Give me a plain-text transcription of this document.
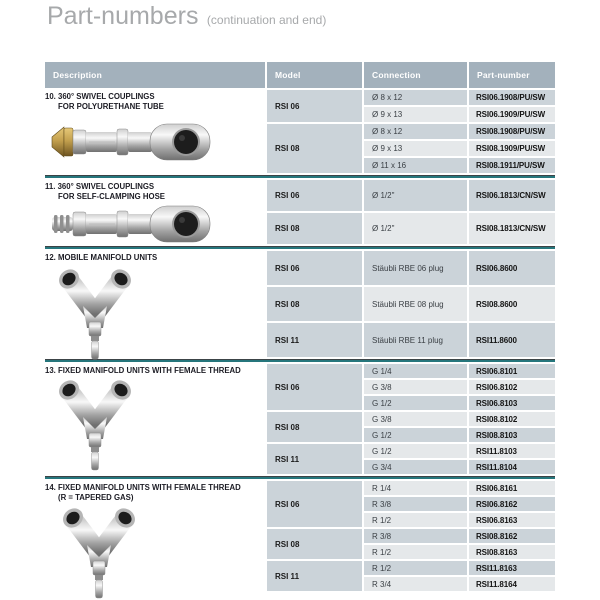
Part-numbers (continuation and end)
Description	Model	Connection	Part-number
10. 360° SWIVEL COUPLINGS
FOR POLYURETHANE TUBE	RSI 06
Ø 8 x 12	RSI06.1908/PU/SW
Ø 9 x 13	RSI06.1909/PU/SW
RSI 08
Ø 8 x 12	RSI08.1908/PU/SW
Ø 9 x 13	RSI08.1909/PU/SW
Ø 11 x 16	RSI08.1911/PU/SW
11. 360° SWIVEL COUPLINGS
FOR SELF-CLAMPING HOSE	RSI 06	Ø 1/2"	RSI06.1813/CN/SW
RSI 08	Ø 1/2"	RSI08.1813/CN/SW
12. MOBILE MANIFOLD UNITS
RSI 06	Stäubli RBE 06 plug	RSI06.8600
RSI 08	Stäubli RBE 08 plug	RSI08.8600
RSI 11	Stäubli RBE 11 plug	RSI11.8600
13. FIXED MANIFOLD UNITS WITH FEMALE THREAD
RSI 06
G 1/4	RSI06.8101
G 3/8	RSI06.8102
G 1/2	RSI06.8103
RSI 08
G 3/8	RSI08.8102
G 1/2	RSI08.8103
RSI 11
G 1/2	RSI11.8103
G 3/4	RSI11.8104
14. FIXED MANIFOLD UNITS WITH FEMALE THREAD
(R = TAPERED GAS)
RSI 06
R 1/4	RSI06.8161
R 3/8	RSI06.8162
R 1/2	RSI06.8163
RSI 08
R 3/8	RSI08.8162
R 1/2	RSI08.8163
RSI 11
R 1/2	RSI11.8163
R 3/4	RSI11.8164
